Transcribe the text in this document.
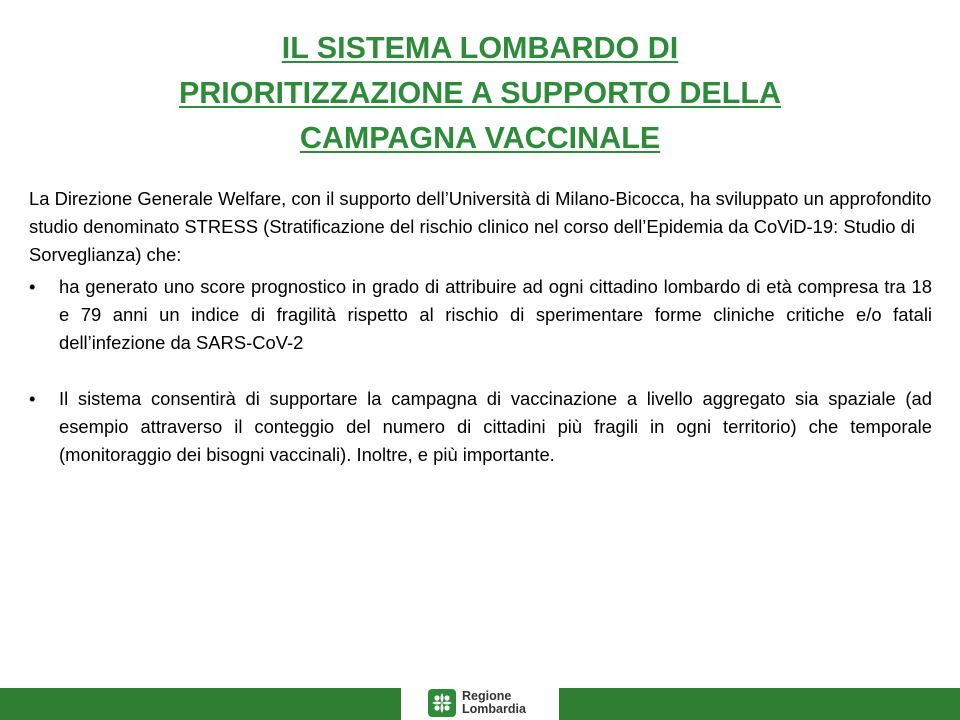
IL SISTEMA LOMBARDO DI
PRIORITIZZAZIONE A SUPPORTO DELLA
CAMPAGNA VACCINALE

La Direzione Generale Welfare, con il supporto dell’Università di Milano-Bicocca, ha sviluppato un approfondito studio denominato STRESS (Stratificazione del rischio clinico nel corso dell’Epidemia da CoViD-19: Studio di Sorveglianza) che:

• ha generato uno score prognostico in grado di attribuire ad ogni cittadino lombardo di età compresa tra 18 e 79 anni un indice di fragilità rispetto al rischio di sperimentare forme cliniche critiche e/o fatali dell’infezione da SARS-CoV-2
• Il sistema consentirà di supportare la campagna di vaccinazione a livello aggregato sia spaziale (ad esempio attraverso il conteggio del numero di cittadini più fragili in ogni territorio) che temporale (monitoraggio dei bisogni vaccinali). Inoltre, e più importante.
Regione
Lombardia
